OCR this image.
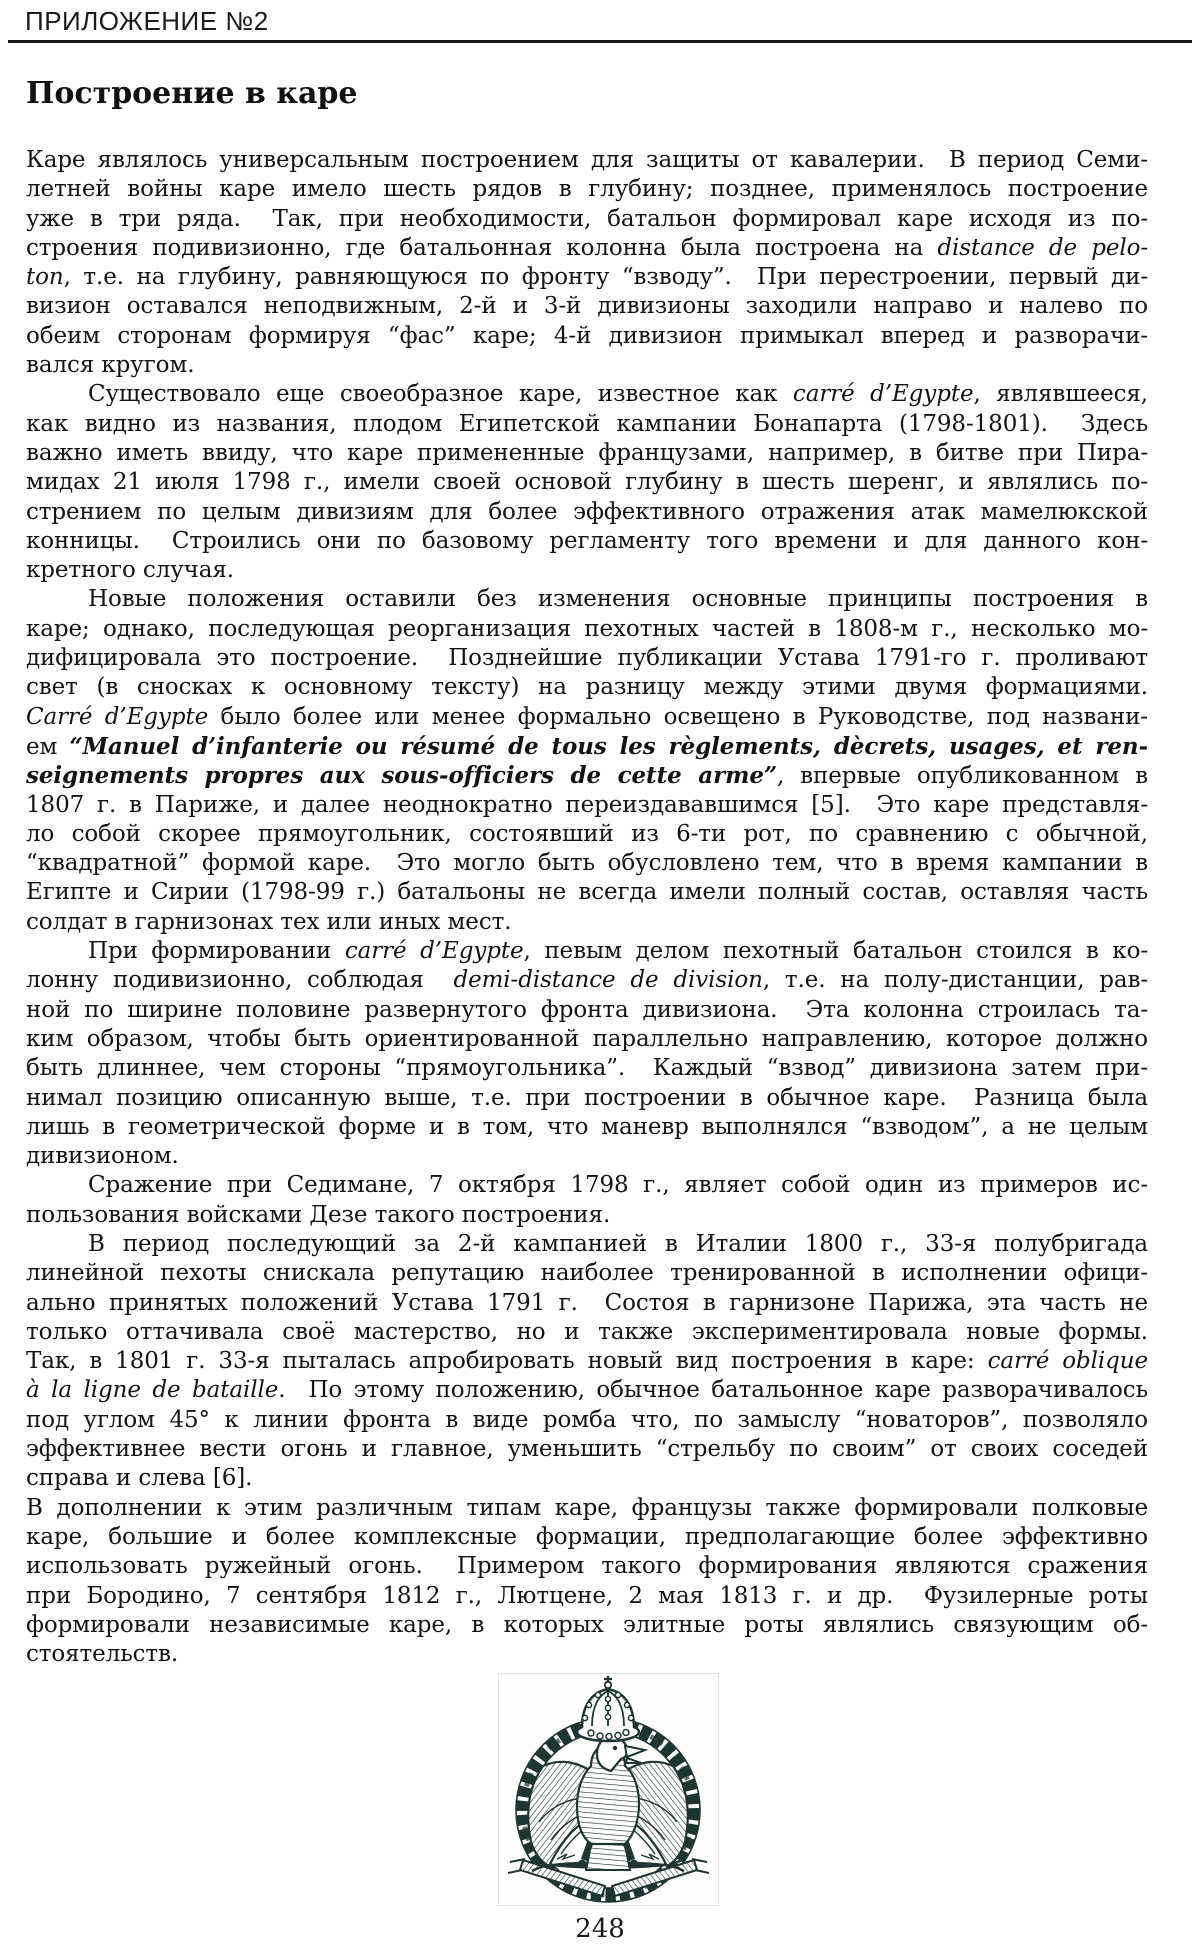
ПРИЛОЖЕНИЕ №2
Построение в каре
Каре являлось универсальным построением для защиты от кавалерии.  В период Семи-
летней войны каре имело шесть рядов в глубину; позднее, применялось построение
уже в три ряда.  Так, при необходимости, батальон формировал каре исходя из по-
строения подивизионно, где батальонная колонна была построена на distance de pelo-
ton, т.е. на глубину, равняющуюся по фронту “взводу”.  При перестроении, первый ди-
визион оставался неподвижным, 2-й и 3-й дивизионы заходили направо и налево по
обеим сторонам формируя “фас” каре; 4-й дивизион примыкал вперед и разворачи-
вался кругом.
Существовало еще своеобразное каре, известное как carré d’Egypte, являвшееся,
как видно из названия, плодом Египетской кампании Бонапарта (1798-1801).  Здесь
важно иметь ввиду, что каре примененные французами, например, в битве при Пира-
мидах 21 июля 1798 г., имели своей основой глубину в шесть шеренг, и являлись по-
стрением по целым дивизиям для более эффективного отражения атак мамелюкской
конницы.  Строились они по базовому регламенту того времени и для данного кон-
кретного случая.
Новые положения оставили без изменения основные принципы построения в
каре; однако, последующая реорганизация пехотных частей в 1808-м г., несколько мо-
дифицировала это построение.  Позднейшие публикации Устава 1791-го г. проливают
свет (в сносках к основному тексту) на разницу между этими двумя формациями.
Carré d’Egypte было более или менее формально освещено в Руководстве, под названи-
ем “Manuel d’infanterie ou résumé de tous les règlements, dècrets, usages, et ren-
seignements propres aux sous-officiers de cette arme”, впервые опубликованном в
1807 г. в Париже, и далее неоднократно переиздававшимся [5].  Это каре представля-
ло собой скорее прямоугольник, состоявший из 6-ти рот, по сравнению с обычной,
“квадратной” формой каре.  Это могло быть обусловлено тем, что в время кампании в
Египте и Сирии (1798-99 г.) батальоны не всегда имели полный состав, оставляя часть
солдат в гарнизонах тех или иных мест.
При формировании carré d’Egypte, певым делом пехотный батальон стоился в ко-
лонну подивизионно, соблюдая  demi-distance de division, т.е. на полу-дистанции, рав-
ной по ширине половине развернутого фронта дивизиона.  Эта колонна строилась та-
ким образом, чтобы быть ориентированной параллельно направлению, которое должно
быть длиннее, чем стороны “прямоугольника”.  Каждый “взвод” дивизиона затем при-
нимал позицию описанную выше, т.е. при построении в обычное каре.  Разница была
лишь в геометрической форме и в том, что маневр выполнялся “взводом”, а не целым
дивизионом.
Сражение при Седимане, 7 октября 1798 г., являет собой один из примеров ис-
пользования войсками Дезе такого построения.
В период последующий за 2-й кампанией в Италии 1800 г., 33-я полубригада
линейной пехоты снискала репутацию наиболее тренированной в исполнении офици-
ально принятых положений Устава 1791 г.  Состоя в гарнизоне Парижа, эта часть не
только оттачивала своё мастерство, но и также экспериментировала новые формы.
Так, в 1801 г. 33-я пыталась апробировать новый вид построения в каре: carré oblique
à la ligne de bataille.  По этому положению, обычное батальонное каре разворачивалось
под углом 45° к линии фронта в виде ромба что, по замыслу “новаторов”, позволяло
эффективнее вести огонь и главное, уменьшить “стрельбу по своим” от своих соседей
справа и слева [6].
В дополнении к этим различным типам каре, французы также формировали полковые
каре, большие и более комплексные формации, предполагающие более эффективно
использовать ружейный огонь.  Примером такого формирования являются сражения
при Бородино, 7 сентября 1812 г., Лютцене, 2 мая 1813 г. и др.  Фузилерные роты
формировали независимые каре, в которых элитные роты являлись связующим об-
стоятельств.
248
